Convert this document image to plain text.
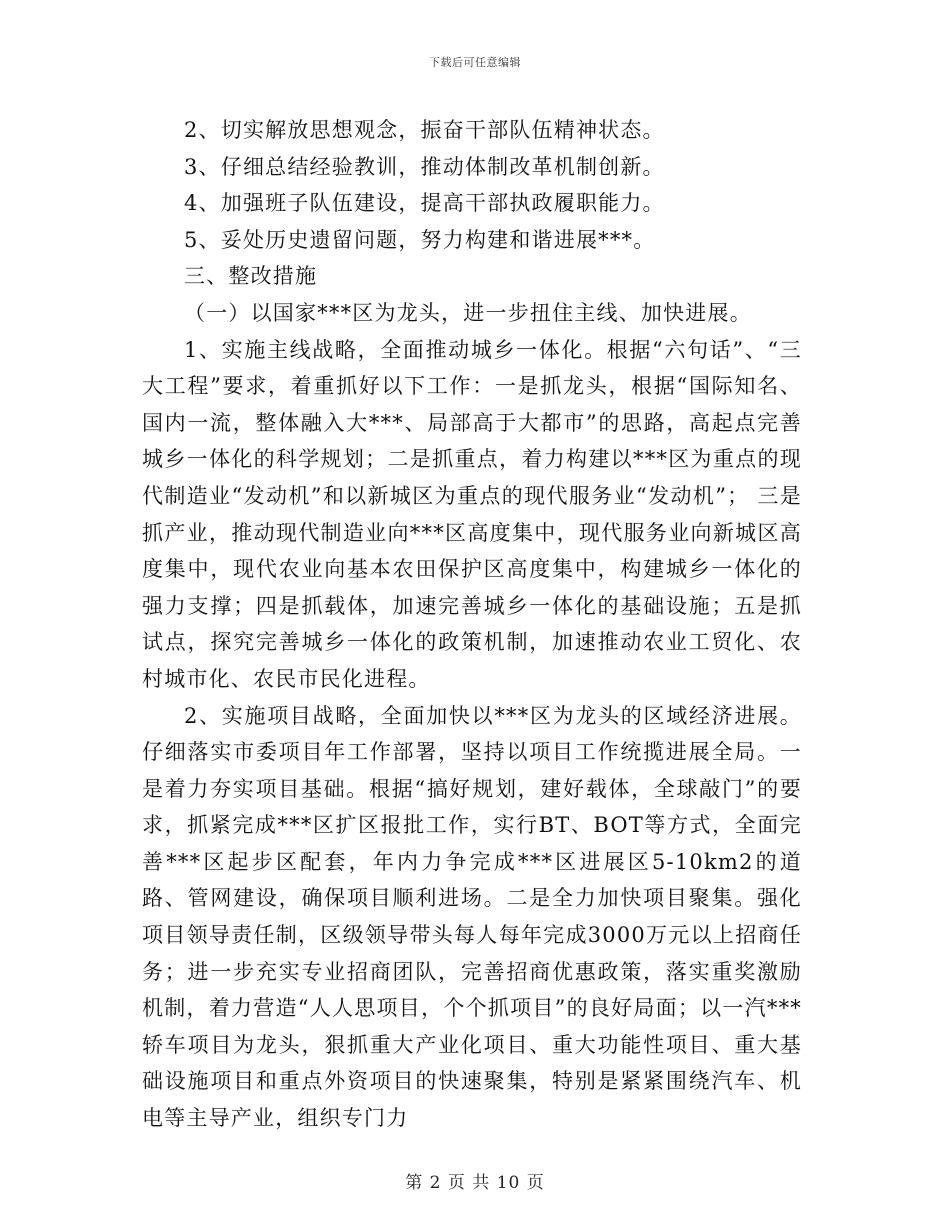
下载后可任意编辑

2、切实解放思想观念，振奋干部队伍精神状态。

3、仔细总结经验教训，推动体制改革机制创新。

4、加强班子队伍建设，提高干部执政履职能力。

5、妥处历史遗留问题，努力构建和谐进展***。

三、整改措施

（一）以国家***区为龙头，进一步扭住主线、加快进展。

1、实施主线战略，全面推动城乡一体化。根据“六句话”、“三大工程”要求，着重抓好以下工作：一是抓龙头，根据“国际知名、国内一流，整体融入大***、局部高于大都市”的思路，高起点完善城乡一体化的科学规划；二是抓重点，着力构建以***区为重点的现代制造业“发动机”和以新城区为重点的现代服务业“发动机”； 三是抓产业，推动现代制造业向***区高度集中，现代服务业向新城区高度集中，现代农业向基本农田保护区高度集中，构建城乡一体化的强力支撑；四是抓载体，加速完善城乡一体化的基础设施；五是抓试点，探究完善城乡一体化的政策机制，加速推动农业工贸化、农村城市化、农民市民化进程。

2、实施项目战略，全面加快以***区为龙头的区域经济进展。仔细落实市委项目年工作部署，坚持以项目工作统揽进展全局。一是着力夯实项目基础。根据“搞好规划，建好载体，全球敲门”的要求，抓紧完成***区扩区报批工作，实行BT、BOT等方式，全面完善***区起步区配套，年内力争完成***区进展区5-10km2的道路、管网建设，确保项目顺利进场。二是全力加快项目聚集。强化项目领导责任制，区级领导带头每人每年完成3000万元以上招商任务；进一步充实专业招商团队，完善招商优惠政策，落实重奖激励机制，着力营造“人人思项目，个个抓项目”的良好局面；以一汽***轿车项目为龙头，狠抓重大产业化项目、重大功能性项目、重大基础设施项目和重点外资项目的快速聚集，特别是紧紧围绕汽车、机电等主导产业，组织专门力

第 2 页 共 10 页
